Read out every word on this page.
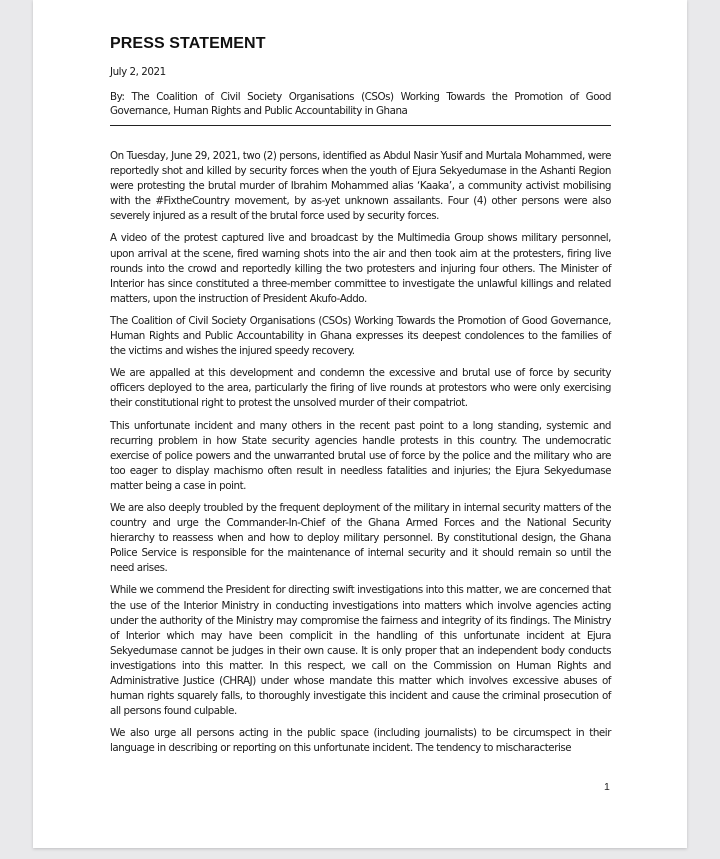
PRESS STATEMENT
July 2, 2021

By: The Coalition of Civil Society Organisations (CSOs) Working Towards the Promotion of Good Governance, Human Rights and Public Accountability in Ghana

On Tuesday, June 29, 2021, two (2) persons, identified as Abdul Nasir Yusif and Murtala Mohammed, were reportedly shot and killed by security forces when the youth of Ejura Sekyedumase in the Ashanti Region were protesting the brutal murder of Ibrahim Mohammed alias ‘Kaaka’, a community activist mobilising with the #FixtheCountry movement, by as-yet unknown assailants. Four (4) other persons were also severely injured as a result of the brutal force used by security forces.

A video of the protest captured live and broadcast by the Multimedia Group shows military personnel, upon arrival at the scene, fired warning shots into the air and then took aim at the protesters, firing live rounds into the crowd and reportedly killing the two protesters and injuring four others. The Minister of Interior has since constituted a three-member committee to investigate the unlawful killings and related matters, upon the instruction of President Akufo-Addo.

The Coalition of Civil Society Organisations (CSOs) Working Towards the Promotion of Good Governance, Human Rights and Public Accountability in Ghana expresses its deepest condolences to the families of the victims and wishes the injured speedy recovery.

We are appalled at this development and condemn the excessive and brutal use of force by security officers deployed to the area, particularly the firing of live rounds at protestors who were only exercising their constitutional right to protest the unsolved murder of their compatriot.

This unfortunate incident and many others in the recent past point to a long standing, systemic and recurring problem in how State security agencies handle protests in this country. The undemocratic exercise of police powers and the unwarranted brutal use of force by the police and the military who are too eager to display machismo often result in needless fatalities and injuries; the Ejura Sekyedumase matter being a case in point.

We are also deeply troubled by the frequent deployment of the military in internal security matters of the country and urge the Commander-In-Chief of the Ghana Armed Forces and the National Security hierarchy to reassess when and how to deploy military personnel. By constitutional design, the Ghana Police Service is responsible for the maintenance of internal security and it should remain so until the need arises.

While we commend the President for directing swift investigations into this matter, we are concerned that the use of the Interior Ministry in conducting investigations into matters which involve agencies acting under the authority of the Ministry may compromise the fairness and integrity of its findings. The Ministry of Interior which may have been complicit in the handling of this unfortunate incident at Ejura Sekyedumase cannot be judges in their own cause. It is only proper that an independent body conducts investigations into this matter. In this respect, we call on the Commission on Human Rights and Administrative Justice (CHRAJ) under whose mandate this matter which involves excessive abuses of human rights squarely falls, to thoroughly investigate this incident and cause the criminal prosecution of all persons found culpable.

We also urge all persons acting in the public space (including journalists) to be circumspect in their language in describing or reporting on this unfortunate incident. The tendency to mischaracterise

1
